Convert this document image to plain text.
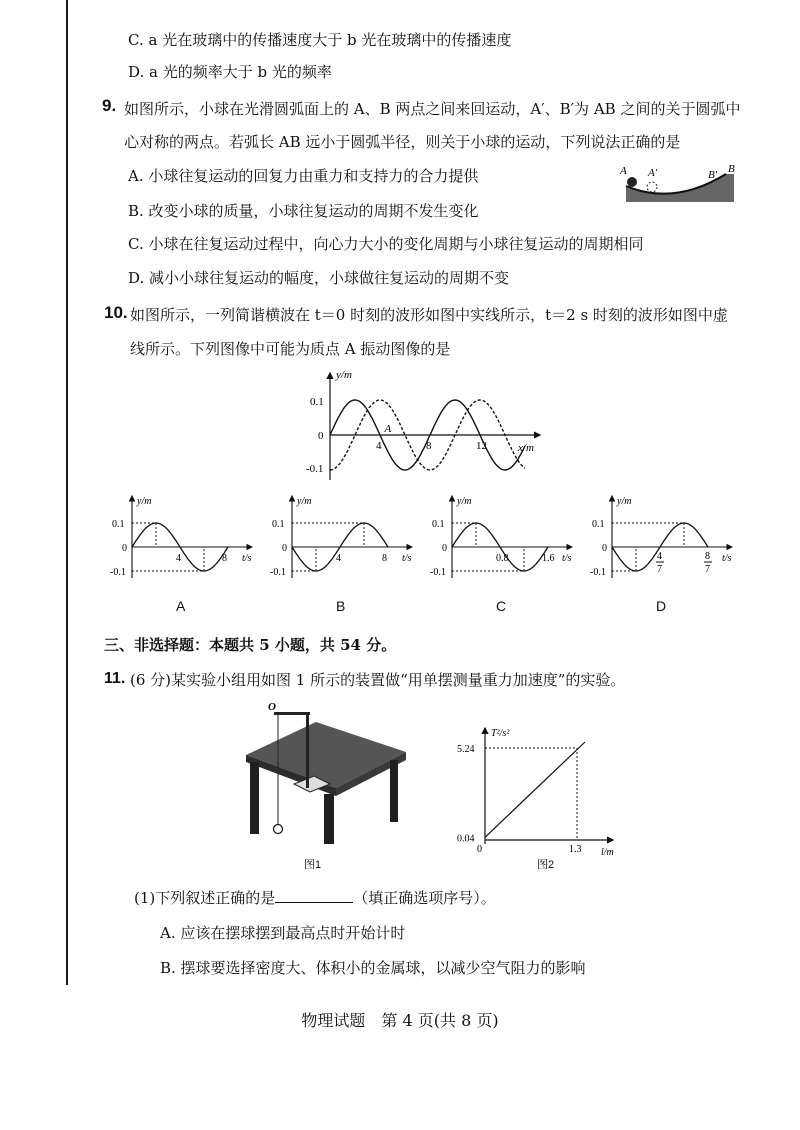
C. a 光在玻璃中的传播速度大于 b 光在玻璃中的传播速度
D. a 光的频率大于 b 光的频率
9. 如图所示，小球在光滑圆弧面上的 A、B 两点之间来回运动，A′、B′为 AB 之间的关于圆弧中
心对称的两点。若弧长 AB 远小于圆弧半径，则关于小球的运动，下列说法正确的是
A. 小球往复运动的回复力由重力和支持力的合力提供
B. 改变小球的质量，小球往复运动的周期不发生变化
C. 小球在往复运动过程中，向心力大小的变化周期与小球往复运动的周期相同
D. 减小小球往复运动的幅度，小球做往复运动的周期不变
A A′	B′ B
10. 如图所示，一列简谐横波在 t＝0 时刻的波形如图中实线所示，t＝2 s 时刻的波形如图中虚
线所示。下列图像中可能为质点 A 振动图像的是
y/m
x/m
0.1
0
-0.1
4	8	12
A
y/m
t/s
0.1
0
-0.1
4	8
y/m
t/s
0.1
0
-0.1
4	8
y/m
t/s
0.1
0
-0.1
0.8	1.6
y/m
t/s
0.1
0
-0.1
4
7
8
7
A	B	C	D
三、非选择题：本题共 5 小题，共 54 分。
11. (6 分)某实验小组用如图 1 所示的装置做“用单摆测量重力加速度”的实验。
O
图1
T²/s²
l/m
5.24
0.04
0	1.3
图2
(1)下列叙述正确的是	（填正确选项序号）。
A. 应该在摆球摆到最高点时开始计时
B. 摆球要选择密度大、体积小的金属球，以减少空气阻力的影响
物理试题　第 4 页(共 8 页)
